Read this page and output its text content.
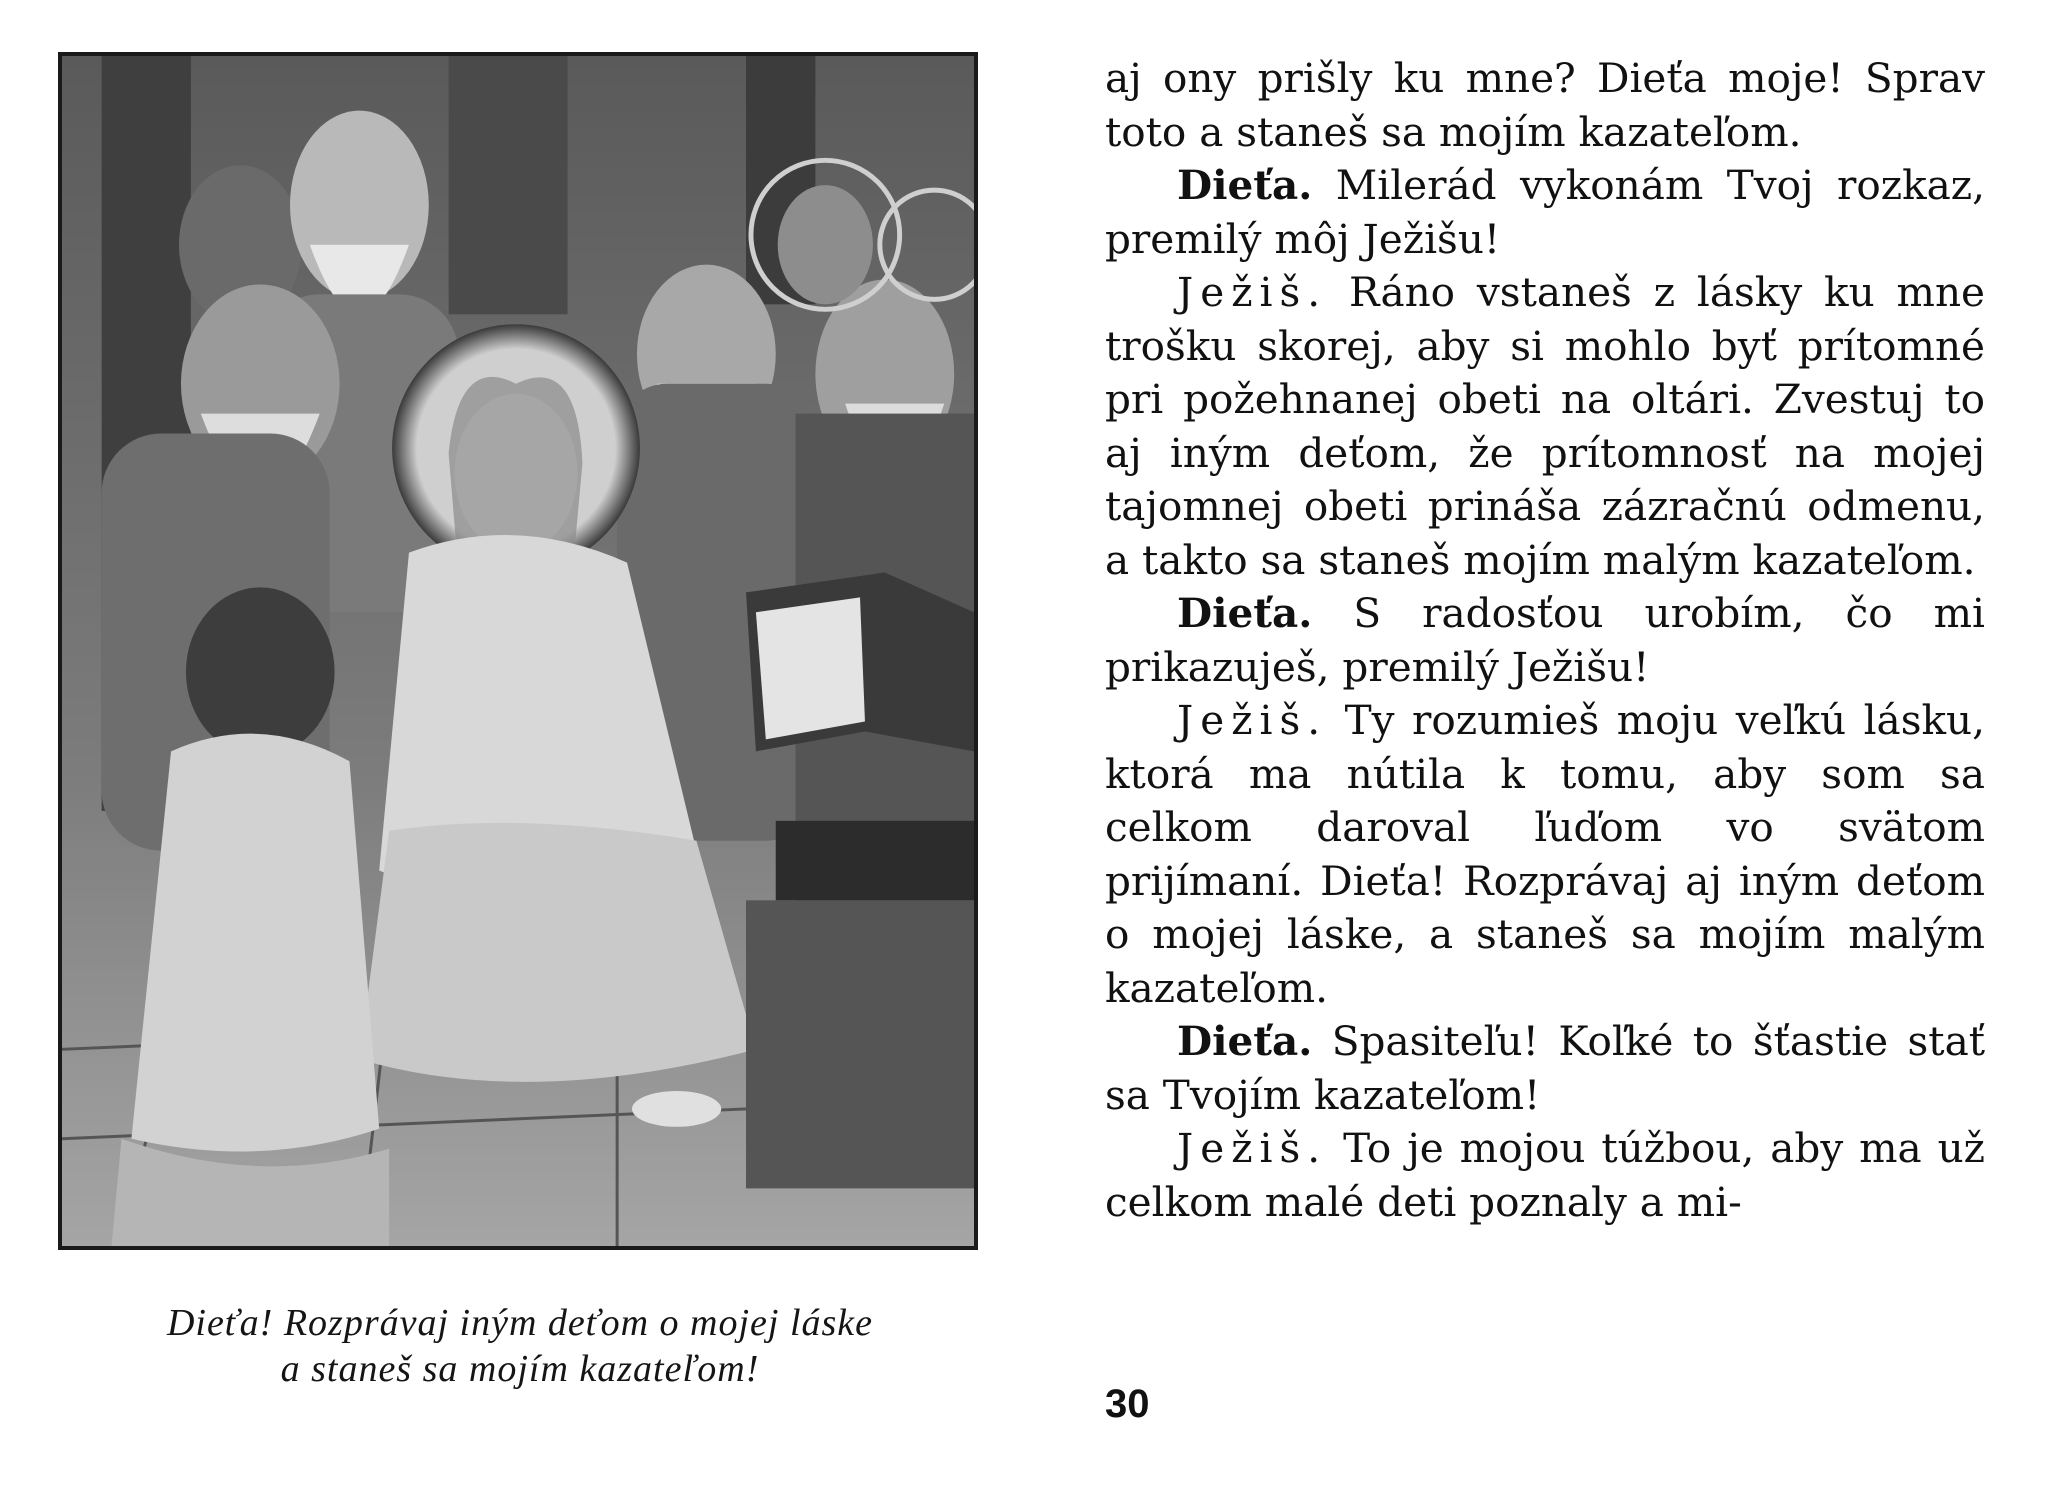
Dieťa! Rozprávaj iným deťom o mojej láske
a staneš sa mojím kazateľom!

aj ony prišly ku mne? Dieťa moje! Sprav toto a staneš sa mojím kazateľom.

Dieťa. Milerád vykonám Tvoj rozkaz, premilý môj Ježišu!

Ježiš. Ráno vstaneš z lásky ku mne trošku skorej, aby si mohlo byť prítomné pri požehnanej obeti na oltári. Zvestuj to aj iným deťom, že prítomnosť na mojej tajomnej obeti prináša zázračnú odmenu, a takto sa staneš mojím malým kazateľom.

Dieťa. S radosťou urobím, čo mi prikazuješ, premilý Ježišu!

Ježiš. Ty rozumieš moju veľkú lásku, ktorá ma nútila k tomu, aby som sa celkom daroval ľuďom vo svätom prijímaní. Dieťa! Rozprávaj aj iným deťom o mojej láske, a staneš sa mojím malým kazateľom.

Dieťa. Spasiteľu! Koľké to šťastie stať sa Tvojím kazateľom!

Ježiš. To je mojou túžbou, aby ma už celkom malé deti poznaly a mi-

30
